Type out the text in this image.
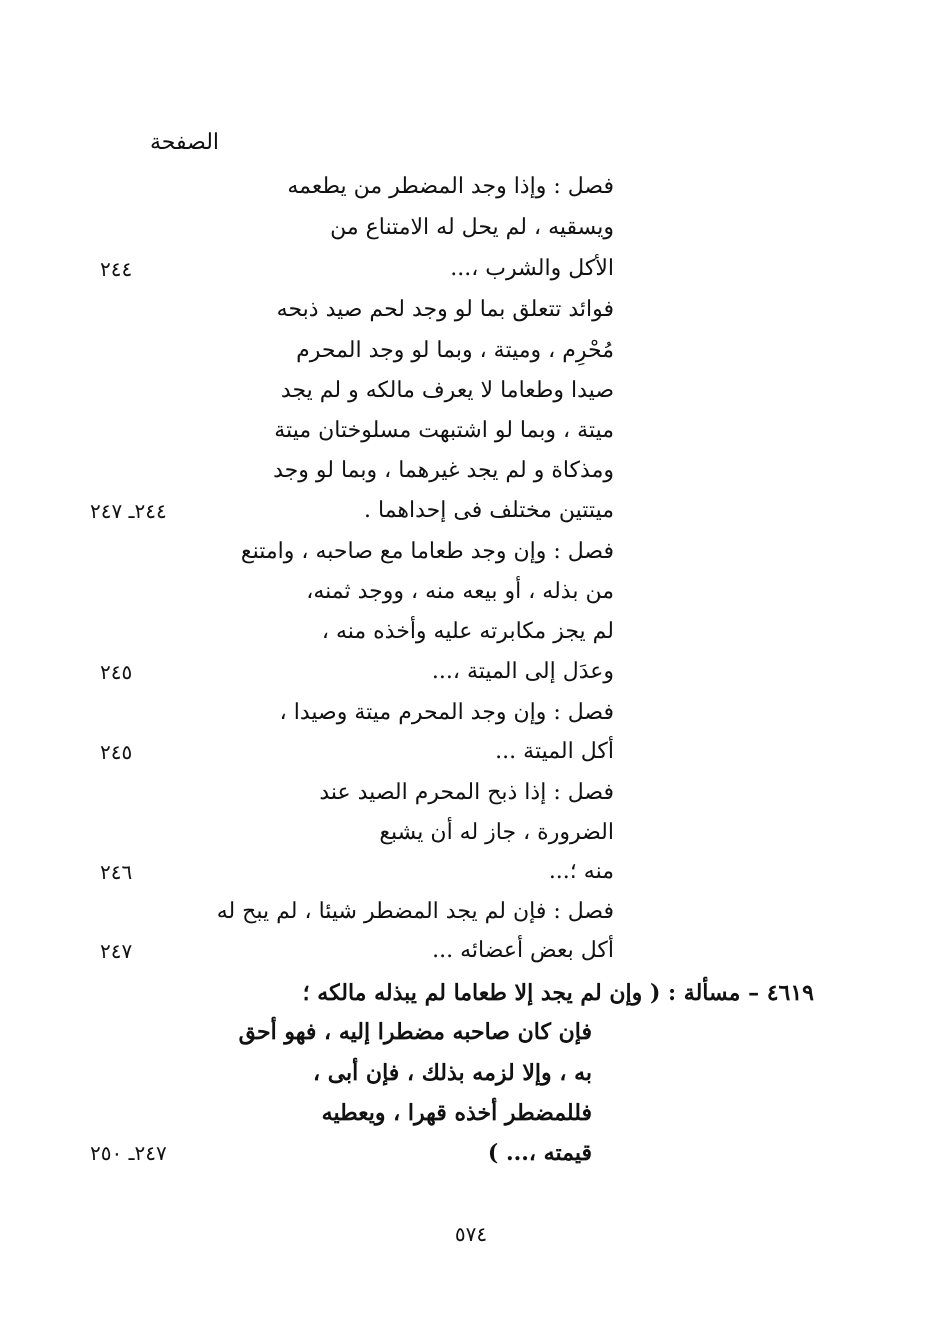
الصفحة
فصل : وإذا وجد المضطر من يطعمه
ويسقيه ، لم يحل له الامتناع من
الأكل والشرب ،...
فوائد تتعلق بما لو وجد لحم صيد ذبحه
مُحْرِم ، وميتة ، وبما لو وجد المحرم
صيدا وطعاما لا يعرف مالكه و لم يجد
ميتة ، وبما لو اشتبهت مسلوختان ميتة
ومذكاة و لم يجد غيرهما ، وبما لو وجد
ميتتين مختلف فى إحداهما .
فصل : وإن وجد طعاما مع صاحبه ، وامتنع
من بذله ، أو بيعه منه ، ووجد ثمنه،
لم يجز مكابرته عليه وأخذه منه ،
وعدَل إلى الميتة ،...
فصل : وإن وجد المحرم ميتة وصيدا ،
أكل الميتة ...
فصل : إذا ذبح المحرم الصيد عند
الضرورة ، جاز له أن يشبع
منه ؛...
فصل : فإن لم يجد المضطر شيئا ، لم يبح له
أكل بعض أعضائه ...
٤٦١٩ – مسألة : ( وإن لم يجد إلا طعاما لم يبذله مالكه ؛
فإن كان صاحبه مضطرا إليه ، فهو أحق
به ، وإلا لزمه بذلك ، فإن أبى ،
فللمضطر أخذه قهرا ، ويعطيه
قيمته ،... )
٢٤٤
٢٤٤ـ ٢٤٧
٢٤٥
٢٤٥
٢٤٦
٢٤٧
٢٤٧ـ ٢٥٠
٥٧٤
